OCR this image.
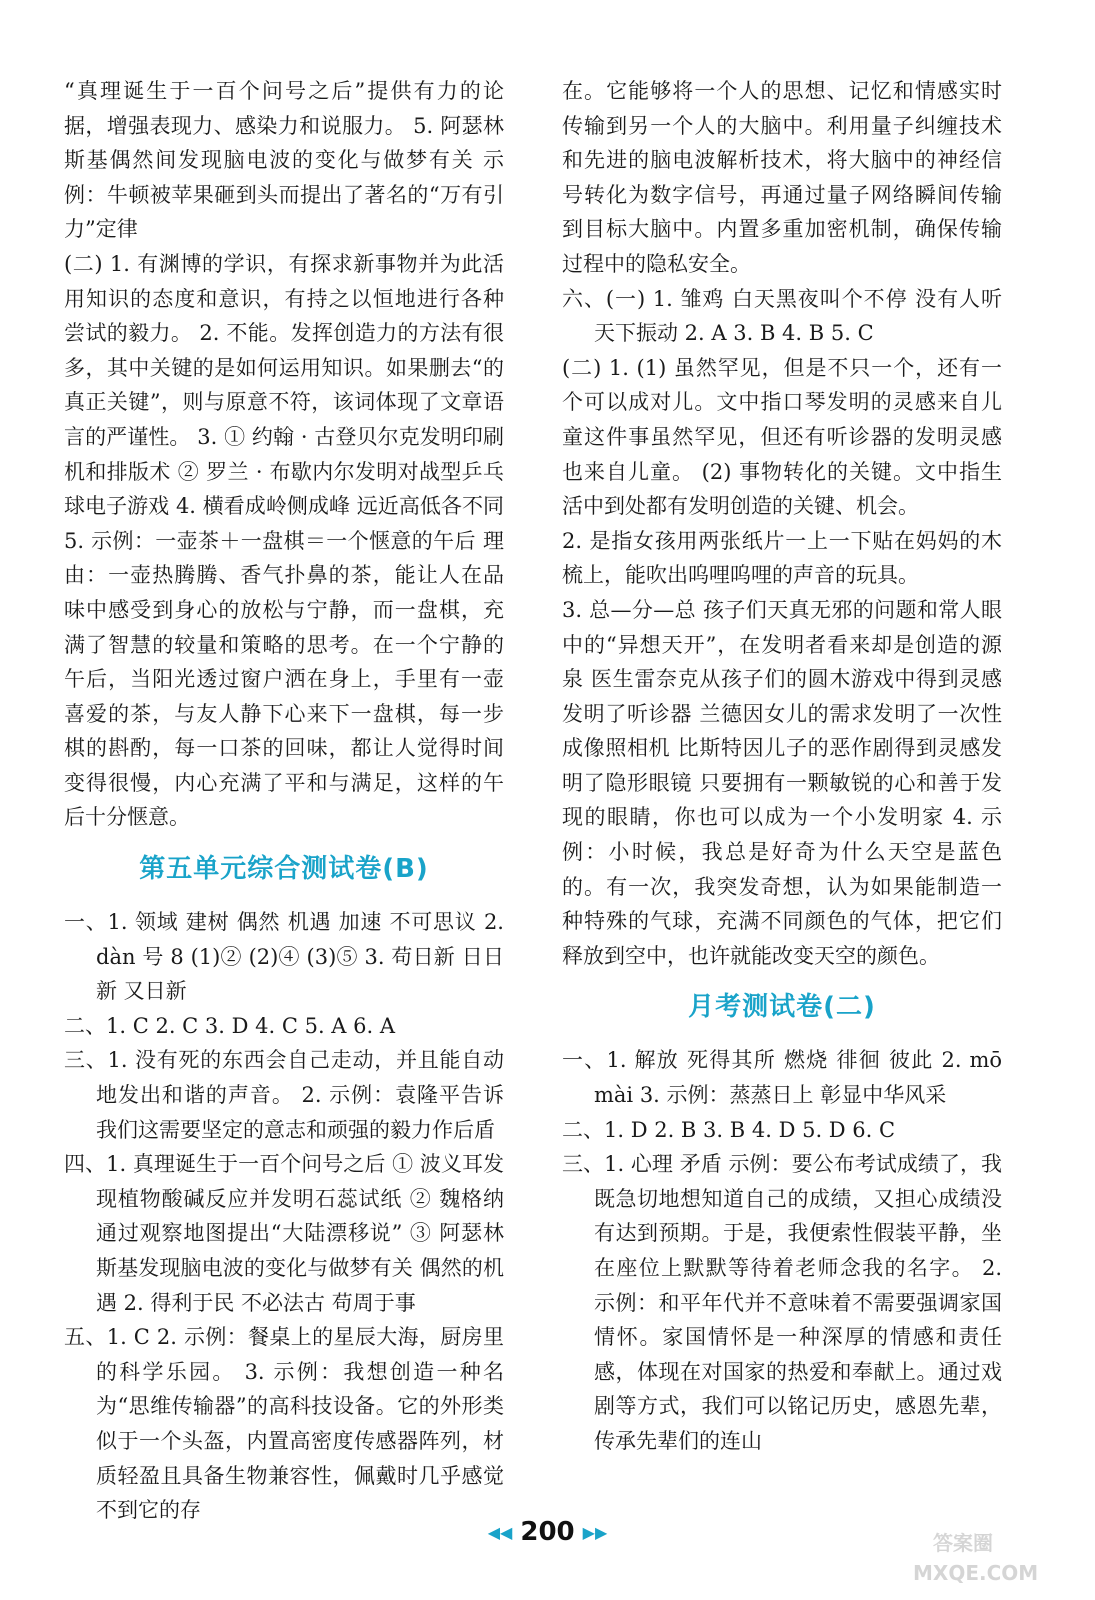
“真理诞生于一百个问号之后”提供有力的论据，增强表现力、感染力和说服力。 5. 阿瑟林斯基偶然间发现脑电波的变化与做梦有关 示例：牛顿被苹果砸到头而提出了著名的“万有引力”定律

(二) 1. 有渊博的学识，有探求新事物并为此活用知识的态度和意识，有持之以恒地进行各种尝试的毅力。 2. 不能。发挥创造力的方法有很多，其中关键的是如何运用知识。如果删去“的真正关键”，则与原意不符，该词体现了文章语言的严谨性。 3. ① 约翰 · 古登贝尔克发明印刷机和排版术 ② 罗兰 · 布歇内尔发明对战型乒乓球电子游戏 4. 横看成岭侧成峰 远近高低各不同 5. 示例：一壶茶＋一盘棋＝一个惬意的午后 理由：一壶热腾腾、香气扑鼻的茶，能让人在品味中感受到身心的放松与宁静，而一盘棋，充满了智慧的较量和策略的思考。在一个宁静的午后，当阳光透过窗户洒在身上，手里有一壶喜爱的茶，与友人静下心来下一盘棋，每一步棋的斟酌，每一口茶的回味，都让人觉得时间变得很慢，内心充满了平和与满足，这样的午后十分惬意。

第五单元综合测试卷(B)

一、1. 领域 建树 偶然 机遇 加速 不可思议 2. dàn 号 8 (1)② (2)④ (3)⑤ 3. 苟日新 日日新 又日新

二、1. C 2. C 3. D 4. C 5. A 6. A

三、1. 没有死的东西会自己走动，并且能自动地发出和谐的声音。 2. 示例：袁隆平告诉我们这需要坚定的意志和顽强的毅力作后盾

四、1. 真理诞生于一百个问号之后 ① 波义耳发现植物酸碱反应并发明石蕊试纸 ② 魏格纳通过观察地图提出“大陆漂移说” ③ 阿瑟林斯基发现脑电波的变化与做梦有关 偶然的机遇 2. 得利于民 不必法古 苟周于事

五、1. C 2. 示例：餐桌上的星辰大海，厨房里的科学乐园。 3. 示例：我想创造一种名为“思维传输器”的高科技设备。它的外形类似于一个头盔，内置高密度传感器阵列，材质轻盈且具备生物兼容性，佩戴时几乎感觉不到它的存

在。它能够将一个人的思想、记忆和情感实时传输到另一个人的大脑中。利用量子纠缠技术和先进的脑电波解析技术，将大脑中的神经信号转化为数字信号，再通过量子网络瞬间传输到目标大脑中。内置多重加密机制，确保传输过程中的隐私安全。

六、(一) 1. 雏鸡 白天黑夜叫个不停 没有人听 天下振动 2. A 3. B 4. B 5. C

(二) 1. (1) 虽然罕见，但是不只一个，还有一个可以成对儿。文中指口琴发明的灵感来自儿童这件事虽然罕见，但还有听诊器的发明灵感也来自儿童。 (2) 事物转化的关键。文中指生活中到处都有发明创造的关键、机会。

2. 是指女孩用两张纸片一上一下贴在妈妈的木梳上，能吹出呜哩呜哩的声音的玩具。

3. 总—分—总 孩子们天真无邪的问题和常人眼中的“异想天开”，在发明者看来却是创造的源泉 医生雷奈克从孩子们的圆木游戏中得到灵感发明了听诊器 兰德因女儿的需求发明了一次性成像照相机 比斯特因儿子的恶作剧得到灵感发明了隐形眼镜 只要拥有一颗敏锐的心和善于发现的眼睛，你也可以成为一个小发明家 4. 示例：小时候，我总是好奇为什么天空是蓝色的。有一次，我突发奇想，认为如果能制造一种特殊的气球，充满不同颜色的气体，把它们释放到空中，也许就能改变天空的颜色。

月考测试卷(二)

一、1. 解放 死得其所 燃烧 徘徊 彼此 2. mō mài 3. 示例：蒸蒸日上 彰显中华风采

二、1. D 2. B 3. B 4. D 5. D 6. C

三、1. 心理 矛盾 示例：要公布考试成绩了，我既急切地想知道自己的成绩，又担心成绩没有达到预期。于是，我便索性假装平静，坐在座位上默默等待着老师念我的名字。 2. 示例：和平年代并不意味着不需要强调家国情怀。家国情怀是一种深厚的情感和责任感，体现在对国家的热爱和奉献上。通过戏剧等方式，我们可以铭记历史，感恩先辈，传承先辈们的连山

◀◀ 200 ▶▶	答案圈
MXQE.COM
